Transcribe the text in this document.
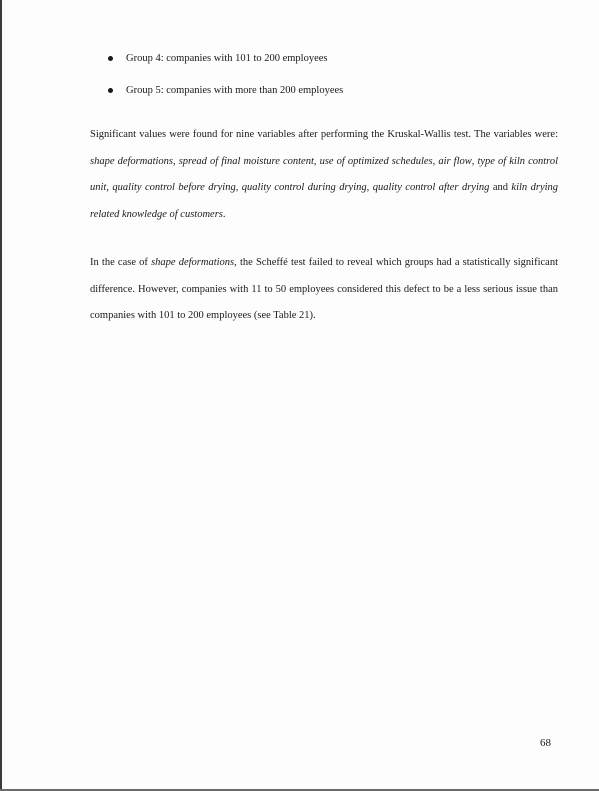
Group 4: companies with 101 to 200 employees
Group 5: companies with more than 200 employees

Significant values were found for nine variables after performing the Kruskal-Wallis test. The variables were: shape deformations, spread of final moisture content, use of optimized schedules, air flow, type of kiln control unit, quality control before drying, quality control during drying, quality control after drying and kiln drying related knowledge of customers.

In the case of shape deformations, the Scheffé test failed to reveal which groups had a statistically significant difference. However, companies with 11 to 50 employees considered this defect to be a less serious issue than companies with 101 to 200 employees (see Table 21).

68
